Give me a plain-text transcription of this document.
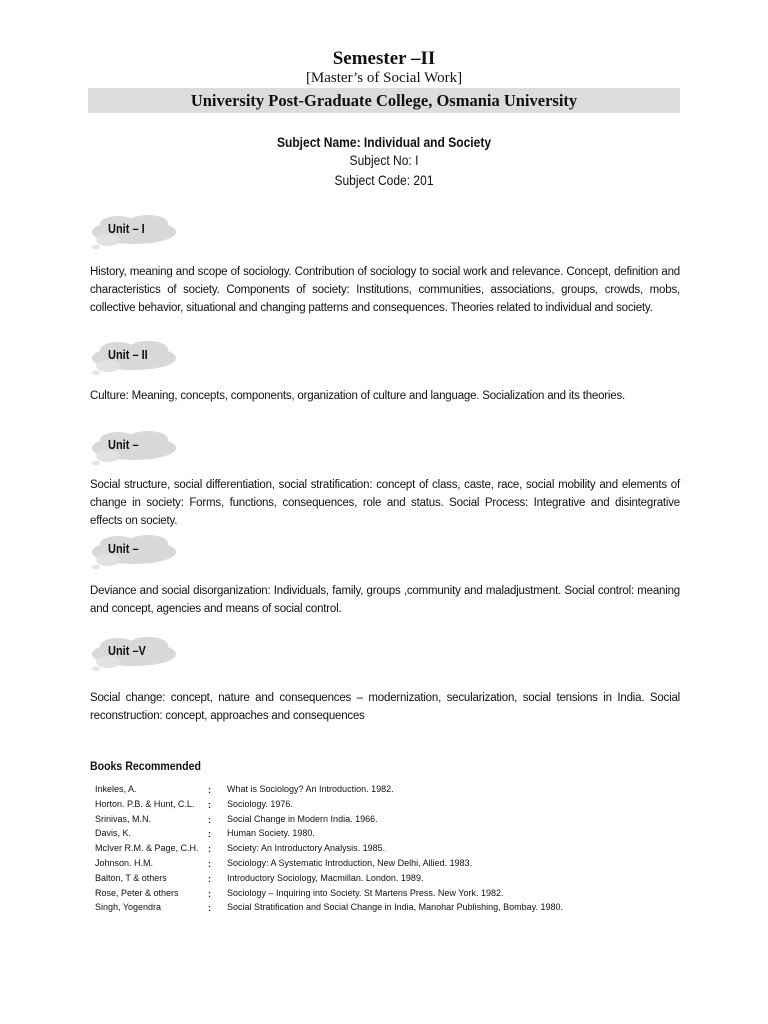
Semester –II
[Master’s of Social Work]
University Post-Graduate College, Osmania University
Subject Name: Individual and Society
Subject No: I
Subject Code: 201
Unit – I
History, meaning and scope of sociology. Contribution of sociology to social work and relevance. Concept, definition and characteristics of society. Components of society: Institutions, communities, associations, groups, crowds, mobs, collective behavior, situational and changing patterns and consequences. Theories related to individual and society.
Unit – II
Culture: Meaning, concepts, components, organization of culture and language. Socialization and its theories.
Unit –
Social structure, social differentiation, social stratification: concept of class, caste, race, social mobility and elements of change in society: Forms, functions, consequences, role and status. Social Process: Integrative and disintegrative effects on society.
Unit –
Deviance and social disorganization: Individuals, family, groups ,community and maladjustment. Social control: meaning and concept, agencies and means of social control.
Unit –V
Social change: concept, nature and consequences – modernization, secularization, social tensions in India. Social reconstruction: concept, approaches and consequences
Books Recommended
Inkeles, A.	: What is Sociology? An Introduction. 1982.
Horton. P.B. & Hunt, C.L. : Sociology. 1976.
Srinivas, M.N.	: Social Change in Modern India. 1966.
Davis, K.	: Human Society. 1980.
McIver R.M. & Page, C.H. : Society: An Introductory Analysis. 1985.
Johnson. H.M.	: Sociology: A Systematic Introduction, New Delhi, Allied. 1983.
Balton, T & others	: Introductory Sociology, Macmillan. London. 1989.
Rose, Peter & others	: Sociology – Inquiring into Society. St Martens Press. New York. 1982.
Singh, Yogendra	: Social Stratification and Social Change in India, Manohar Publishing, Bombay. 1980.
